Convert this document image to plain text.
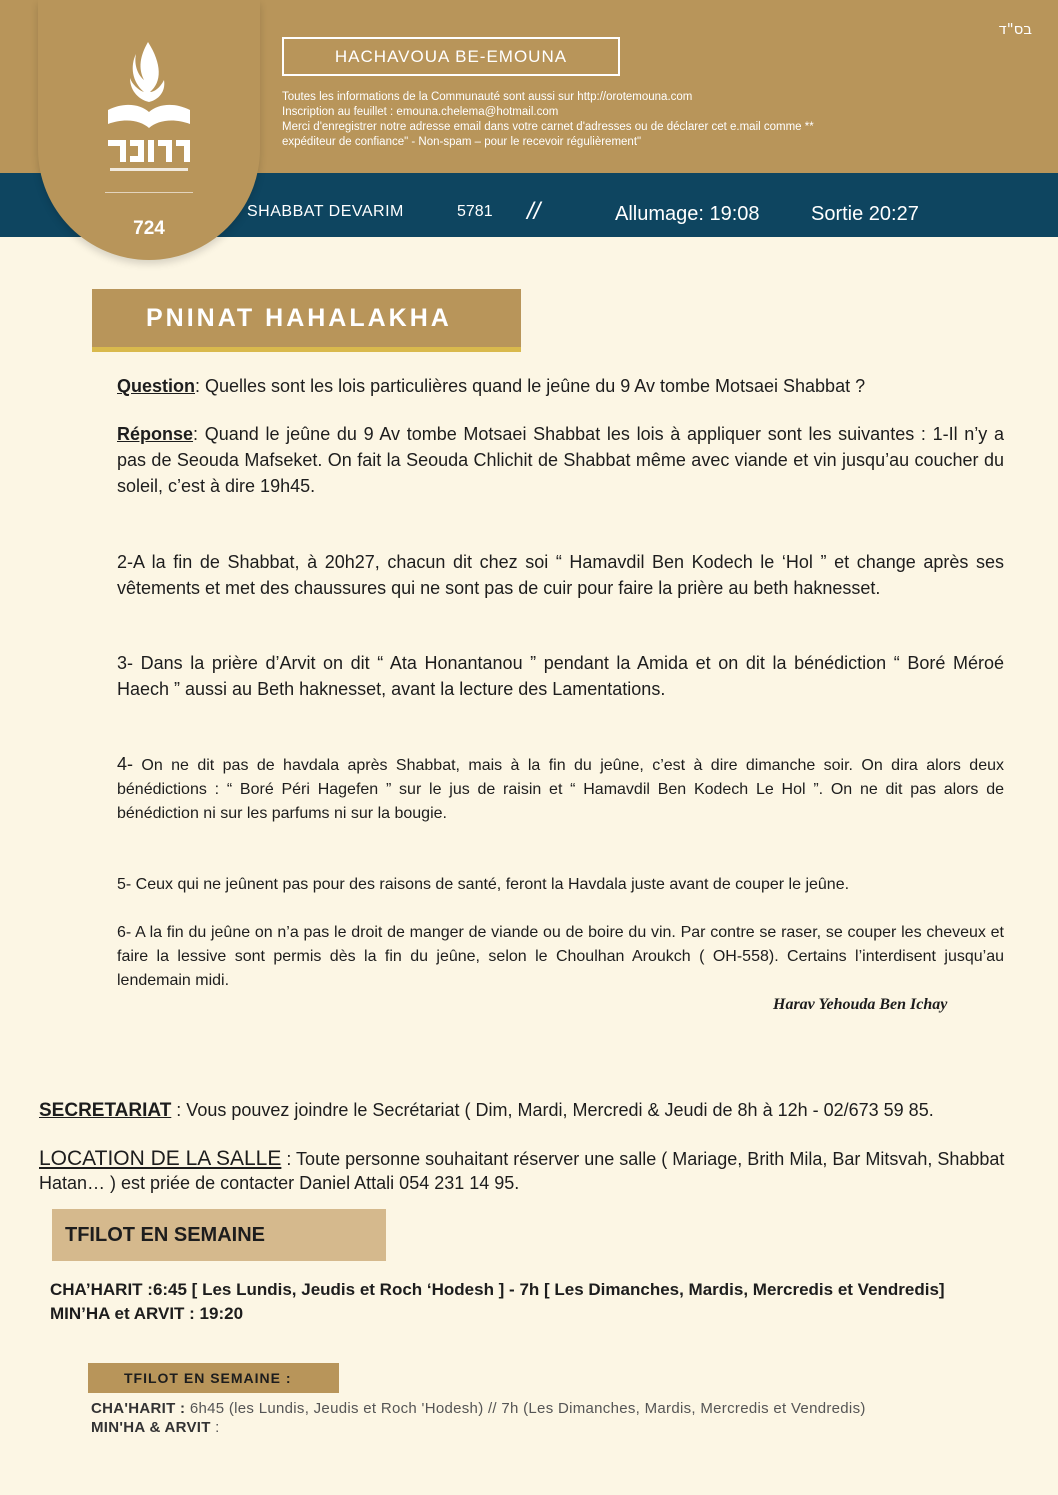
בס"ד
724
HACHAVOUA BE-EMOUNA
Toutes les informations de la Communauté sont aussi sur http://orotemouna.com
Inscription au feuillet : emouna.chelema@hotmail.com
Merci d'enregistrer notre adresse email dans votre carnet d'adresses ou de déclarer cet e.mail comme **
expéditeur de confiance" - Non-spam – pour le recevoir régulièrement"
SHABBAT DEVARIM	5781 //	Allumage: 19:08	Sortie 20:27
PNINAT HAHALAKHA
Question: Quelles sont les lois particulières quand le jeûne du 9 Av tombe Motsaei Shabbat ?
Réponse: Quand le jeûne du 9 Av tombe Motsaei Shabbat les lois à appliquer sont les suivantes : 1-Il n’y a pas de Seouda Mafseket. On fait la Seouda Chlichit de Shabbat même avec viande et vin jusqu’au coucher du soleil, c’est à dire 19h45.
2-A la fin de Shabbat, à 20h27, chacun dit chez soi “ Hamavdil Ben Kodech le ‘Hol ” et change après ses vêtements et met des chaussures qui ne sont pas de cuir pour faire la prière au beth haknesset.
3- Dans la prière d’Arvit on dit “ Ata Honantanou ” pendant la Amida et on dit la bénédiction “ Boré Méroé Haech ” aussi au Beth haknesset, avant la lecture des Lamentations.
4- On ne dit pas de havdala après Shabbat, mais à la fin du jeûne, c’est à dire dimanche soir. On dira alors deux bénédictions : “ Boré Péri Hagefen ” sur le jus de raisin et “ Hamavdil Ben Kodech Le Hol ”. On ne dit pas alors de bénédiction ni sur les parfums ni sur la bougie.
5- Ceux qui ne jeûnent pas pour des raisons de santé, feront la Havdala juste avant de couper le jeûne.
6- A la fin du jeûne on n’a pas le droit de manger de viande ou de boire du vin. Par contre se raser, se couper les cheveux et faire la lessive sont permis dès la fin du jeûne, selon le Choulhan Aroukch ( OH-558). Certains l’interdisent jusqu’au lendemain midi.
Harav Yehouda Ben Ichay
SECRETARIAT : Vous pouvez joindre le Secrétariat ( Dim, Mardi, Mercredi & Jeudi de 8h à 12h - 02/673 59 85.
LOCATION DE LA SALLE : Toute personne souhaitant réserver une salle ( Mariage, Brith Mila, Bar Mitsvah, Shabbat Hatan… ) est priée de contacter Daniel Attali 054 231 14 95.
TFILOT EN SEMAINE
CHA’HARIT :6:45 [ Les Lundis, Jeudis et Roch ‘Hodesh ] - 7h [ Les Dimanches, Mardis, Mercredis et Vendredis]
MIN’HA et ARVIT : 19:20
TFILOT EN SEMAINE :
CHA'HARIT : 6h45 (les Lundis, Jeudis et Roch 'Hodesh) // 7h (Les Dimanches, Mardis, Mercredis et Vendredis)
MIN'HA & ARVIT :
